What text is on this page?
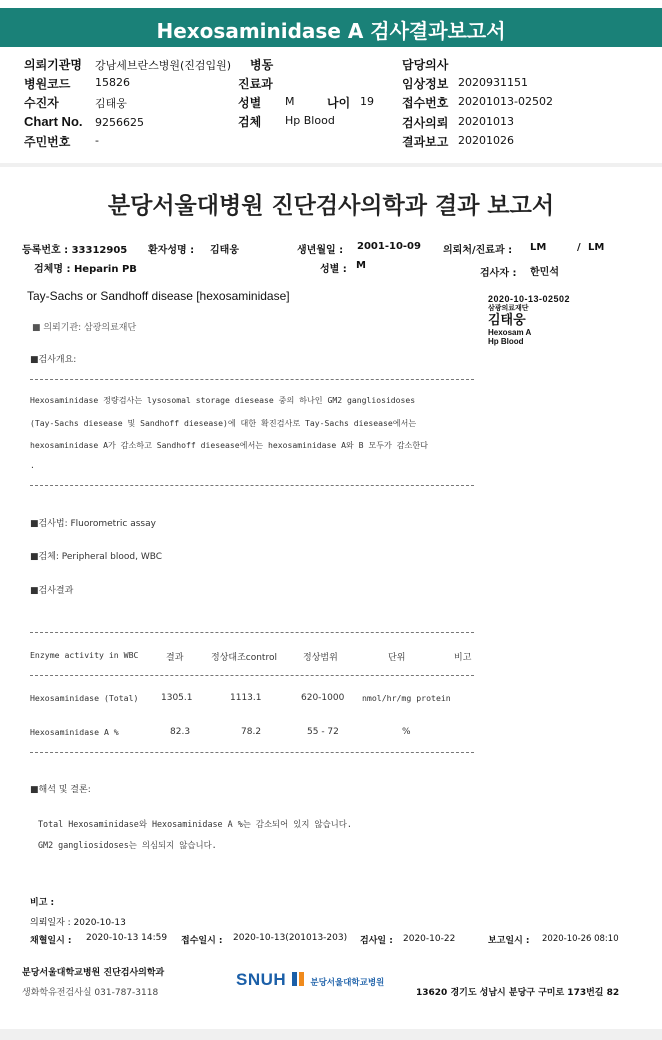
Hexosaminidase A 검사결과보고서
의뢰기관명 강남세브란스병원(진검입원) 병동	담당의사
병원코드 15826	진료과	임상정보 2020931151
수진자	김태웅	성별 M	나이 19 접수번호 20201013-02502
Chart No. 9256625	검체 Hp Blood	검사의뢰 20201013
주민번호 -	결과보고 20201026
분당서울대병원 진단검사의학과 결과 보고서
등록번호 : 33312905 환자성명 : 김태웅	생년월일 : 2001-10-09 의뢰처/진료과 : LM	/ LM
검체명 : Heparin PB	성별 : M
검사자 : 한민석
Tay-Sachs or Sandhoff disease [hexosaminidase]	2020-10-13-02502
삼광의료재단
김태웅
Hexosam A
Hp Blood
■ 의뢰기관: 삼광의료재단
■검사개요:
Hexosaminidase 정량검사는 lysosomal storage diesease 중의 하나인 GM2 gangliosidoses
(Tay-Sachs diesease 및 Sandhoff diesease)에 대한 확진검사로 Tay-Sachs diesease에서는
hexosaminidase A가 감소하고 Sandhoff diesease에서는 hexosaminidase A와 B 모두가 감소한다
.
■검사법: Fluorometric assay
■검체: Peripheral blood, WBC
■검사결과
Enzyme activity in WBC	결과	정상대조control	정상범위	단위	비고
Hexosaminidase (Total)	1305.1	1113.1	620-1000 nmol/hr/mg protein
Hexosaminidase A %	82.3	78.2	55 - 72	%
■해석 및 결론:
Total Hexosaminidase와 Hexosaminidase A %는 감소되어 있지 않습니다.
GM2 gangliosidoses는 의심되지 않습니다.
비고 :
의뢰일자 : 2020-10-13
채혈일시 : 2020-10-13 14:59 접수일시 : 2020-10-13(201013-203) 검사일 : 2020-10-22	보고일시 : 2020-10-26 08:10
분당서울대학교병원 진단검사의학과
생화학유전검사실 031-787-3118
SNUH	분당서울대학교병원
13620 경기도 성남시 분당구 구미로 173번길 82
